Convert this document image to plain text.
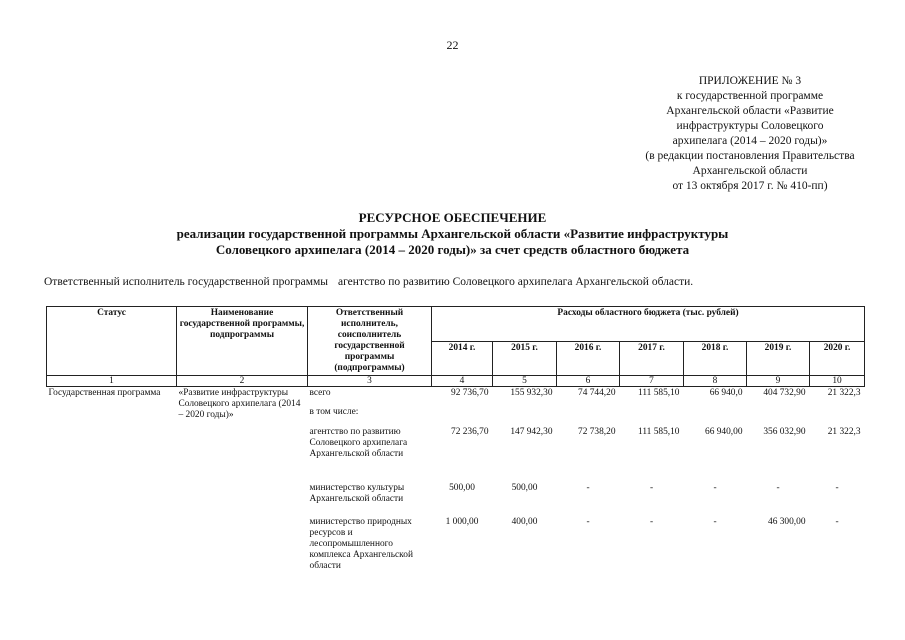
22
ПРИЛОЖЕНИЕ № 3
к государственной программе
Архангельской области «Развитие
инфраструктуры Соловецкого
архипелага (2014 – 2020 годы)»
(в редакции постановления Правительства
Архангельской области
от 13 октября 2017 г. № 410-пп)
РЕСУРСНОЕ ОБЕСПЕЧЕНИЕ
реализации государственной программы Архангельской области «Развитие инфраструктуры
Соловецкого архипелага (2014 – 2020 годы)» за счет средств областного бюджета
Ответственный исполнитель государственной программы агентство по развитию Соловецкого архипелага Архангельской области.
Статус	Наименование государственной программы, подпрограммы	Ответственный исполнитель, соисполнитель государственной программы (подпрограммы)	Расходы областного бюджета (тыс. рублей)						
			2014 г.	2015 г.	2016 г.	2017 г.	2018 г.	2019 г.	2020 г.
1	2	3	4	5	6	7	8	9	10
Государственная программа	«Развитие инфраструктуры Соловецкого архипелага (2014 – 2020 годы)»	всего	92 736,70	155 932,30	74 744,20	111 585,10	66 940,0	404 732,90	21 322,3
		в том числе:							
		агентство по развитию Соловецкого архипелага Архангельской области	72 236,70	147 942,30	72 738,20	111 585,10	66 940,00	356 032,90	21 322,3
		министерство культуры Архангельской области	500,00	500,00	-	-	-	-	-
		министерство природных ресурсов и лесопромышленного комплекса Архангельской области	1 000,00	400,00	-	-	-	46 300,00	-
